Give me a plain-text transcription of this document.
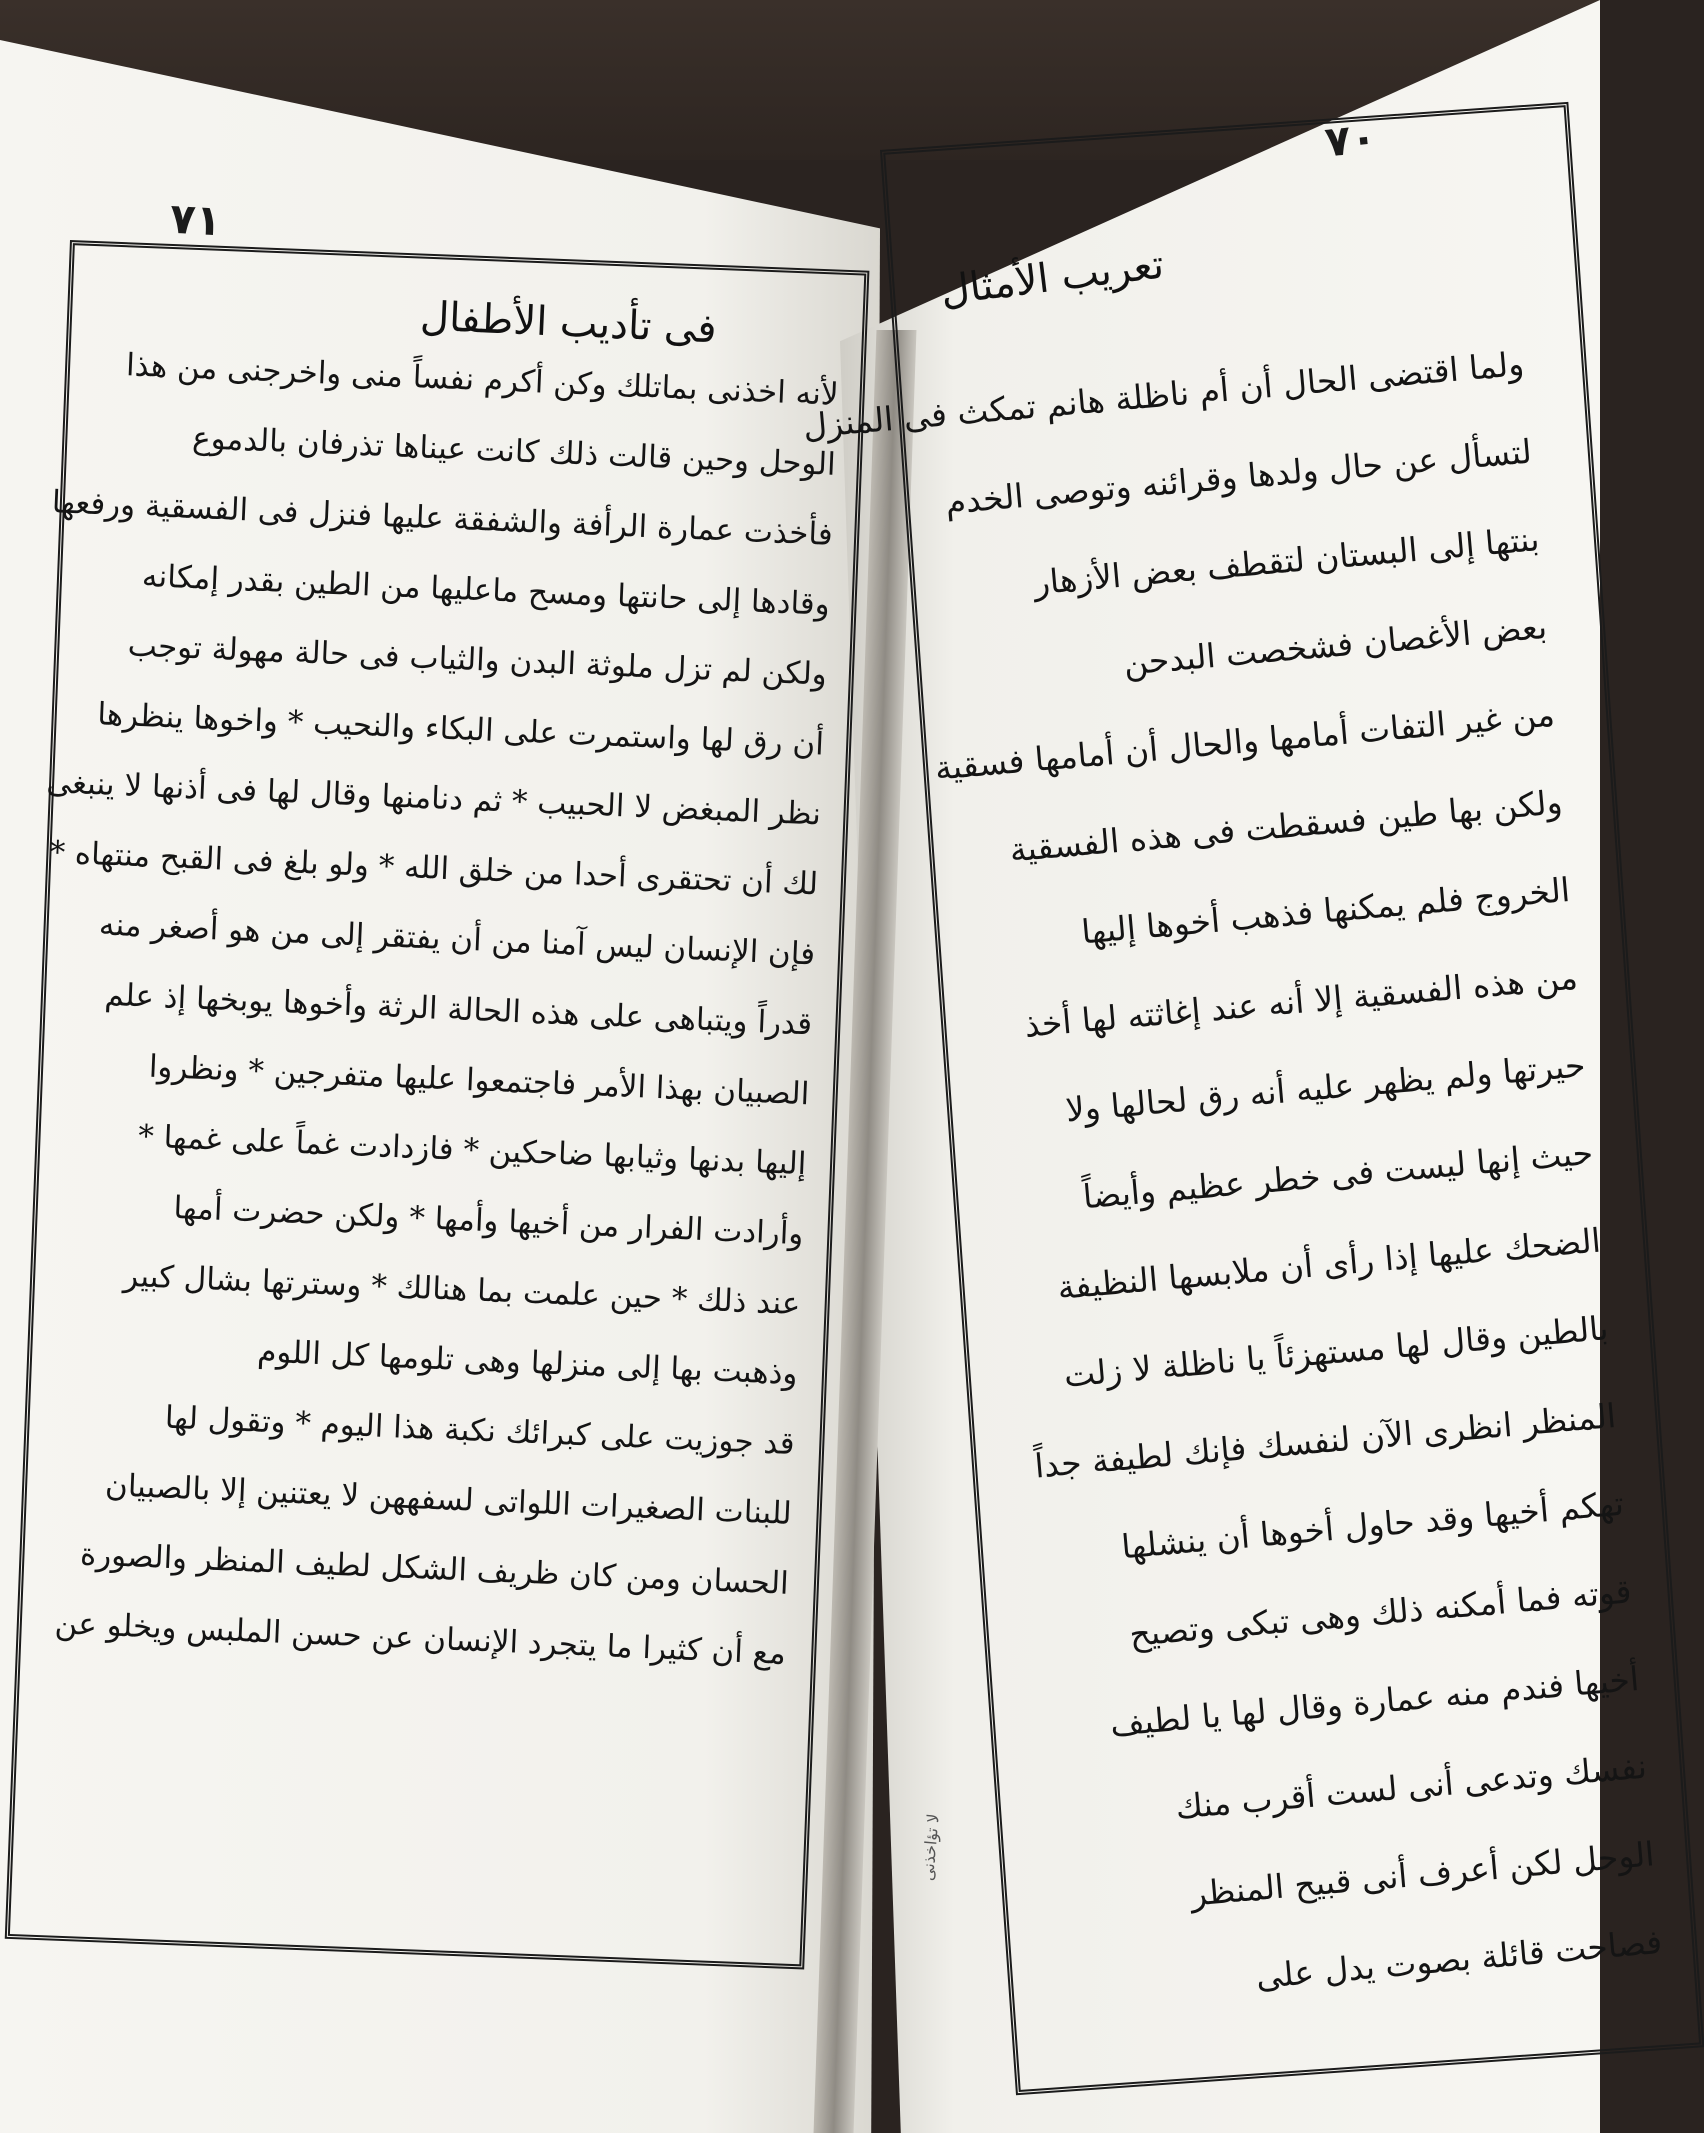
٧١
٧٠
فى تأديب الأطفال
تعريب الأمثال
لأنه اخذنى بماتلك وكن أكرم نفساً منى واخرجنى من هذا
الوحل وحين قالت ذلك كانت عيناها تذرفان بالدموع
فأخذت عمارة الرأفة والشفقة عليها فنزل فى الفسقية ورفعها
وقادها إلى حانتها ومسح ماعليها من الطين بقدر إمكانه
ولكن لم تزل ملوثة البدن والثياب فى حالة مهولة توجب
أن رق لها واستمرت على البكاء والنحيب * واخوها ينظرها
نظر المبغض لا الحبيب * ثم دنامنها وقال لها فى أذنها لا ينبغى
لك أن تحتقرى أحدا من خلق الله * ولو بلغ فى القبح منتهاه *
فإن الإنسان ليس آمنا من أن يفتقر إلى من هو أصغر منه
قدراً ويتباهى على هذه الحالة الرثة وأخوها يوبخها إذ علم
الصبيان بهذا الأمر فاجتمعوا عليها متفرجين * ونظروا
إليها بدنها وثيابها ضاحكين * فازدادت غماً على غمها *
وأرادت الفرار من أخيها وأمها * ولكن حضرت أمها
عند ذلك * حين علمت بما هنالك * وسترتها بشال كبير
وذهبت بها إلى منزلها وهى تلومها كل اللوم
قد جوزيت على كبرائك نكبة هذا اليوم * وتقول لها
للبنات الصغيرات اللواتى لسفههن لا يعتنين إلا بالصبيان
الحسان ومن كان ظريف الشكل لطيف المنظر والصورة
مع أن كثيرا ما يتجرد الإنسان عن حسن الملبس ويخلو عن
ولما اقتضى الحال أن أم ناظلة هانم تمكث فى المنزل
لتسأل عن حال ولدها وقرائنه وتوصى الخدم
بنتها إلى البستان لتقطف بعض الأزهار
بعض الأغصان فشخصت البدحن
من غير التفات أمامها والحال أن أمامها فسقية
ولكن بها طين فسقطت فى هذه الفسقية
الخروج فلم يمكنها فذهب أخوها إليها
من هذه الفسقية إلا أنه عند إغاثته لها أخذ
حيرتها ولم يظهر عليه أنه رق لحالها ولا
حيث إنها ليست فى خطر عظيم وأيضاً
الضحك عليها إذا رأى أن ملابسها النظيفة
بالطين وقال لها مستهزئاً يا ناظلة لا زلت
المنظر انظرى الآن لنفسك فإنك لطيفة جداً
تهكم أخيها وقد حاول أخوها أن ينشلها
قوته فما أمكنه ذلك وهى تبكى وتصيح
أخيها فندم منه عمارة وقال لها يا لطيف
نفسك وتدعى أنى لست أقرب منك
الوحل لكن أعرف أنى قبيح المنظر
فصاحت قائلة بصوت يدل على
لا تؤاخذنى
